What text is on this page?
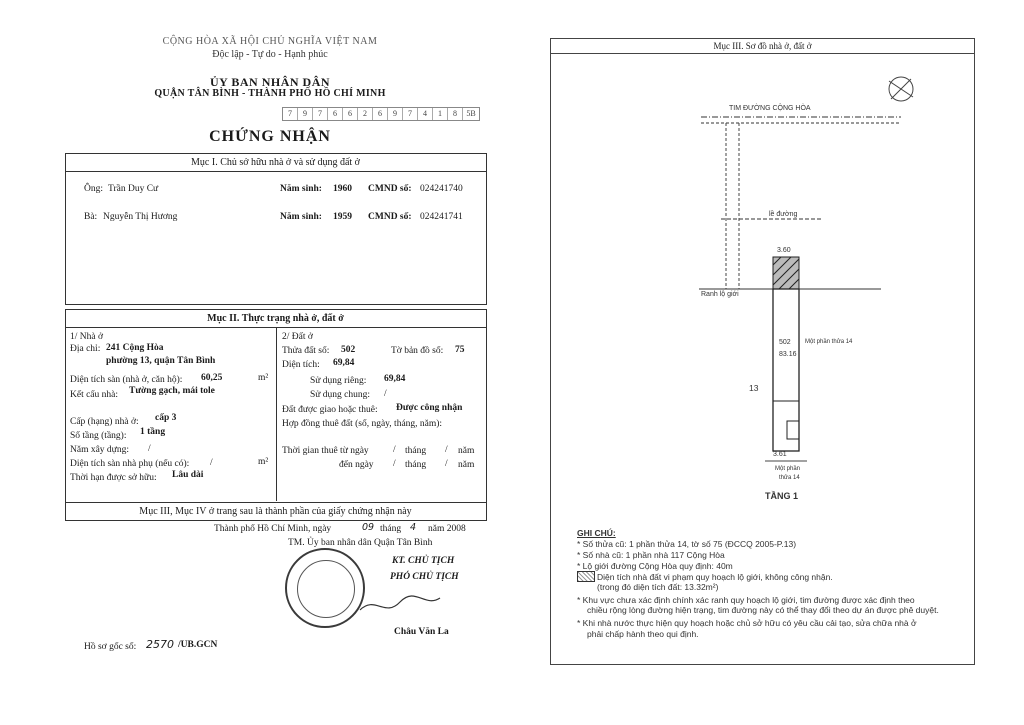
CỘNG HÒA XÃ HỘI CHỦ NGHĨA VIỆT NAM
Độc lập - Tự do - Hạnh phúc
ỦY BAN NHÂN DÂN
QUẬN TÂN BÌNH - THÀNH PHỐ HỒ CHÍ MINH
7	9	7	6	6	2	6	9	7	4	1	8	5B
CHỨNG NHẬN
Mục I. Chủ sở hữu nhà ở và sử dụng đất ở
Ông: Trần Duy Cư	Năm sinh: 1960 CMND số: 024241740
Bà: Nguyễn Thị Hương	Năm sinh: 1959 CMND số: 024241741
Mục II. Thực trạng nhà ở, đất ở
1/ Nhà ở
Địa chỉ: 241 Cộng Hòa
phường 13, quận Tân Bình
Diện tích sàn (nhà ở, căn hộ): 60,25	m²
Kết cấu nhà: Tường gạch, mái tole
Cấp (hạng) nhà ở: cấp 3
Số tầng (tầng): 1 tầng
Năm xây dựng: /
Diện tích sàn nhà phụ (nếu có): /	m²
Thời hạn được sở hữu: Lâu dài
2/ Đất ở
Thửa đất số: 502	Tờ bản đồ số: 75
Diện tích: 69,84
Sử dụng riêng: 69,84
Sử dụng chung: /
Đất được giao hoặc thuê: Được công nhận
Hợp đồng thuê đất (số, ngày, tháng, năm):
Thời gian thuê từ ngày	/ tháng / năm
đến ngày / tháng / năm
Mục III, Mục IV ở trang sau là thành phần của giấy chứng nhận này
Thành phố Hồ Chí Minh, ngày	09 tháng 4 năm 2008
TM. Ủy ban nhân dân Quận Tân Bình
KT. CHỦ TỊCH
PHÓ CHỦ TỊCH
Châu Văn La
Hồ sơ gốc số: 2570 /UB.GCN
Mục III. Sơ đồ nhà ở, đất ở
TIM ĐƯỜNG CỘNG HÒA
lề đường
Ranh lộ giới
3.60
3.61
502
83.16
13
Một phần thửa 14
Một phần
thửa 14
TẦNG 1
GHI CHÚ:
* Số thửa cũ: 1 phần thửa 14, tờ số 75 (ĐCCQ 2005-P.13)
* Số nhà cũ: 1 phần nhà 117 Cộng Hòa
* Lộ giới đường Cộng Hòa quy định: 40m
Diện tích nhà đất vi phạm quy hoạch lộ giới, không công nhận.
(trong đó diện tích đất: 13.32m²)
* Khu vực chưa xác định chính xác ranh quy hoạch lộ giới, tim đường được xác định theo
chiều rộng lòng đường hiện trạng, tim đường này có thể thay đổi theo dự án được phê duyệt.
* Khi nhà nước thực hiện quy hoạch hoặc chủ sở hữu có yêu cầu cải tạo, sửa chữa nhà ở
phải chấp hành theo qui định.
